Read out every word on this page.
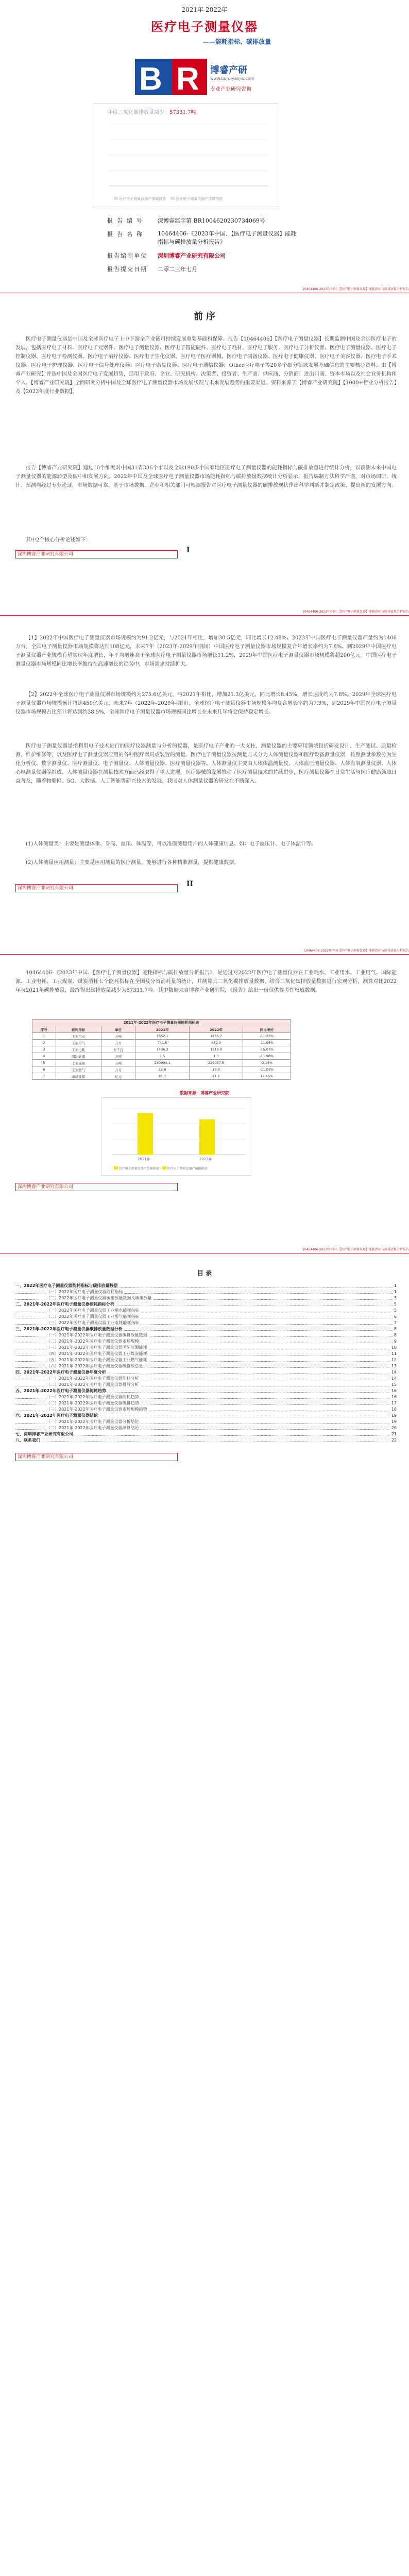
2021年-2022年
医疗电子测量仪器
——能耗指标、碳排放量
B R 博睿产研
www.boruiyanjiu.com
专业产业研究咨询
年度二氧化碳排放量减少：57331.7吨
医疗电子测量仪器产值碳排放	医疗电子测量仪器产值碳排放
报告编号 深博睿监字第 BR1004620230734069号
报告名称 10464406-《2023年中国、【医疗电子测量仪器】能耗指标与碳排放量分析报告》
报告编制单位 深圳博睿产业研究有限公司
报告提交日期 二零二三年七月
10464406-2023年中国、【医疗电子测量仪器】能耗指标与碳排放量分析报告
前 序
医疗电子测量仪器是中国及全球医疗电子上中下游全产业链可持续发展重要基础和保障。报告【10464406】【医疗电子测量仪器】长期监测中国及全国医疗电子的发展，包括医疗电子材料、医疗电子元器件、医疗电子测量仪器、医疗电子智能硬件、医疗电子耗材、医疗电子服务、医疗电子分析仪器、医疗电子测量仪器、医疗电子控制仪器、医疗电子检测仪器、医疗电子治疗仪器、医疗电子生化仪器、医疗电子医疗器械、医疗电子制备仪器、医疗电子健康仪器、医疗电子美容仪器、医疗电子手术仪器、医疗电子护理仪器、医疗电子信号处理仪器、医疗电子康复仪器、医疗电子通信仪器、Other医疗电子等20多个细分领域发展基础信息的主要核心资料。由【博睿产业研究】评选中国及全国医疗电子发展趋势，适用于政府、企业、研究机构、决策者、投资者、生产商、供应商、分销商、进出口商、资本市场以及社会业务机构和个人。【博睿产业研究院】全面研究分析中国及全球医疗电子测量仪器市场发展状况与未来发展趋势的重要渠道。资料来源于【博睿产业研究院】【1000+行业分析报告】及【2023年度行业数据】。
报告【博睿产业研究院】通过10个维度对中国31省336个市以及全球190多个国家地区医疗电子测量仪器的能耗指标与碳排放量进行统计分析，以预测未来中国电子测量仪器的能源转型及碳中和发展方向。2022年中国及全球医疗电子测量仪器市场能耗指标与碳排放量数据统计分析显示，报告编制方法科学严谨，对市场调研、统计、预测均经过专业论证，市场数据可靠。基于市场数据，企业和相关部门可根据报告对医疗电子测量仪器的碳排放现状作出科学判断并制定政策、提出新的发展方向。
其中2个核心分析论述如下：
深圳博睿产业研究有限公司	I
10464406-2023年中国、【医疗电子测量仪器】能耗指标与碳排放量分析报告
【1】2022年中国医疗电子测量仪器市场规模约为91.2亿元，与2021年相比，增加30.5亿元，同比增长12.48%。2023年中国医疗电子测量仪器产量约为1406万台，全国电子测量仪器市场规模将达到108亿元，未来7年（2023年-2029年期间）中国医疗电子测量仪器市场规模复合年增长率约为7.8%。到2029年中国医疗电子测量仪器产业规模有望实现年度增长，年平均增速高于全球医疗电子测量仪器市场增长11.2%，2029年中国医疗电子测量仪器市场规模将超200亿元。中国医疗电子测量仪器市场规模同比增长率维持在高速增长的趋势中，市场需求持续扩大。
【2】2022年全球医疗电子测量仪器市场规模约为275.6亿美元，与2021年相比，增加21.3亿美元，同比增长8.45%，增长速度约为7.8%。2029年全球医疗电子测量仪器市场规模预计将达450亿美元，未来7年（2022年-2029年期间），全球医疗电子测量仪器市场规模年均复合增长率约为7.9%，到2029年中国医疗电子测量仪器市场规模占比预计将达到约38.5%，全球医疗电子测量仪器市场规模同比增长在未来几年将会保持稳定增长。
医疗电子测量仪器是指利用电子技术进行的医疗仪器测量与分析的仪器，是医疗电子产业的一大支柱，测量仪器的主要应用领域包括研发设计、生产测试、质量检测、维护维修等，以及医疗电子测量仪器应用的各种医疗器具或装置的测量。医疗电子测量仪器按测量方式分为人体测量仪器和医疗设备测量仪器，按照测量参数分为生化分析仪、数字测量仪、医疗测量仪、电子测量仪、人体测量仪器、医疗测量仪器等。人体测量仪主要由人体体温测量仪、人体血压测量仪器、人体血氧测量仪器、人体心电测量仪器等组成。人体测量仪器在测量技术方面已经取得了重大进展，医疗器械的发展推动了医疗测量技术的持续进步，医疗测量仪器在日常生活与医疗健康领域日益普及，随着物联网、5G、大数据、人工智能等新兴技术的发展，我国对人体测量仪器的研发在不断深入。
(1)人体测量类：主要是测量体重、身高、血压、体温等，可以准确测量用户的人体健康信息。如：电子血压计、电子体温计等。
(2)人体测量应用测量：主要是应用测量的医疗测量，能够进行各种精准测量，提供健康数据。
深圳博睿产业研究有限公司	II
10464406-2023年中国【医疗电子测量仪器】能耗指标与碳排放量分析报告
10464406-《2023年中国、【医疗电子测量仪器】能耗指标与碳排放量分析报告》，是通过对2022年医疗电子测量仪器在工业耗水、工业用水、工业用气、国际能源、工业电耗、工业煤炭、煤炭消耗七个能耗指标在全国及分省消耗量的统计，并测算其二氧化碳排放量数据，结合二氧化碳排放量数据进行宏观分析，测算对比2022年与2021年碳排放量，最终得出碳排放量减少为57331.7吨。其中数据来自博睿产业研究院，《报告》给出一份仅供参考性权威数据。
2021年-2022年医疗电子测量仪器能耗指标表
序号	能耗指标	单位	2021年	2022年	同比增长
1	工业用水	万吨	1652.1	1466.7	-11.23%
2	工业用气	万方	741.5	652.9	-11.95%
3	工业电耗	万千瓦	1436.3	1219.9	-15.07%
4	国际能源	万吨	1.5	1.3	-11.98%
5	工业煤炭	万吨	230994.1	226057.5	-2.14%
6	工业燃气	万方	15.6	13.9	-11.03%
7	市场规模	亿元	81.1	91.2	12.46%
数据来源：博睿产业研究院
2021年	2022年
医疗电子测量仪器产值碳排放	医疗电子测量仪器产值碳排放
深圳博睿产业研究有限公司
10464406-2023年中国、【医疗电子测量仪器】能耗指标与碳排放量分析报告
目 录
一、2022年医疗电子测量仪器能耗指标与碳排放量数据	1
（一）2022年医疗电子测量仪器能耗指标	1
（二）2022年医疗电子测量仪器碳排放量数据及碳排放量	3
二、2021年-2022年医疗电子测量仪器能耗指标分析	5
（一）2022年医疗电子测量仪器工业用水能耗指标	5
（二）2022年医疗电子测量仪器工业用气能耗指标	6
（三）2022年医疗电子测量仪器工业电耗能耗指标	7
三、2021年-2022年医疗电子测量仪器碳排放量数据分析	8
（一）2021年-2022年医疗电子测量仪器碳排放量数据	8
（二）2021年-2022年医疗电子测量仪器市场规模	9
（三）2021年-2022年医疗电子测量仪器国际能源能耗	10
（四）2021年-2022年医疗电子测量仪器工业煤炭能耗	11
（五）2021年-2022年医疗电子测量仪器工业燃气能耗	12
（六）2021年-2022年医疗电子测量仪器碳排放总量	13
四、2021年-2022年医疗电子测量仪器年度分析	14
（一）2021年-2022年医疗电子测量仪器能耗分析	14
（二）2021年-2022年医疗电子测量仪器排放分析	15
五、2021年-2022年医疗电子测量仪器能耗趋势	16
（一）2021年-2022年医疗电子测量仪器能耗趋势	16
（二）2021年-2022年医疗电子测量仪器碳排趋势	17
（三）2021年-2022年医疗电子测量仪器市场规模趋势	18
六、2021年-2022年医疗电子测量仪器结论	19
（一）2021年-2022年医疗电子测量仪器分析结论	19
（二）2021年-2022年医疗电子测量仪器测算结论	20
七、深圳博睿产业研究有限公司	21
八、联系我们	22
深圳博睿产业研究有限公司
